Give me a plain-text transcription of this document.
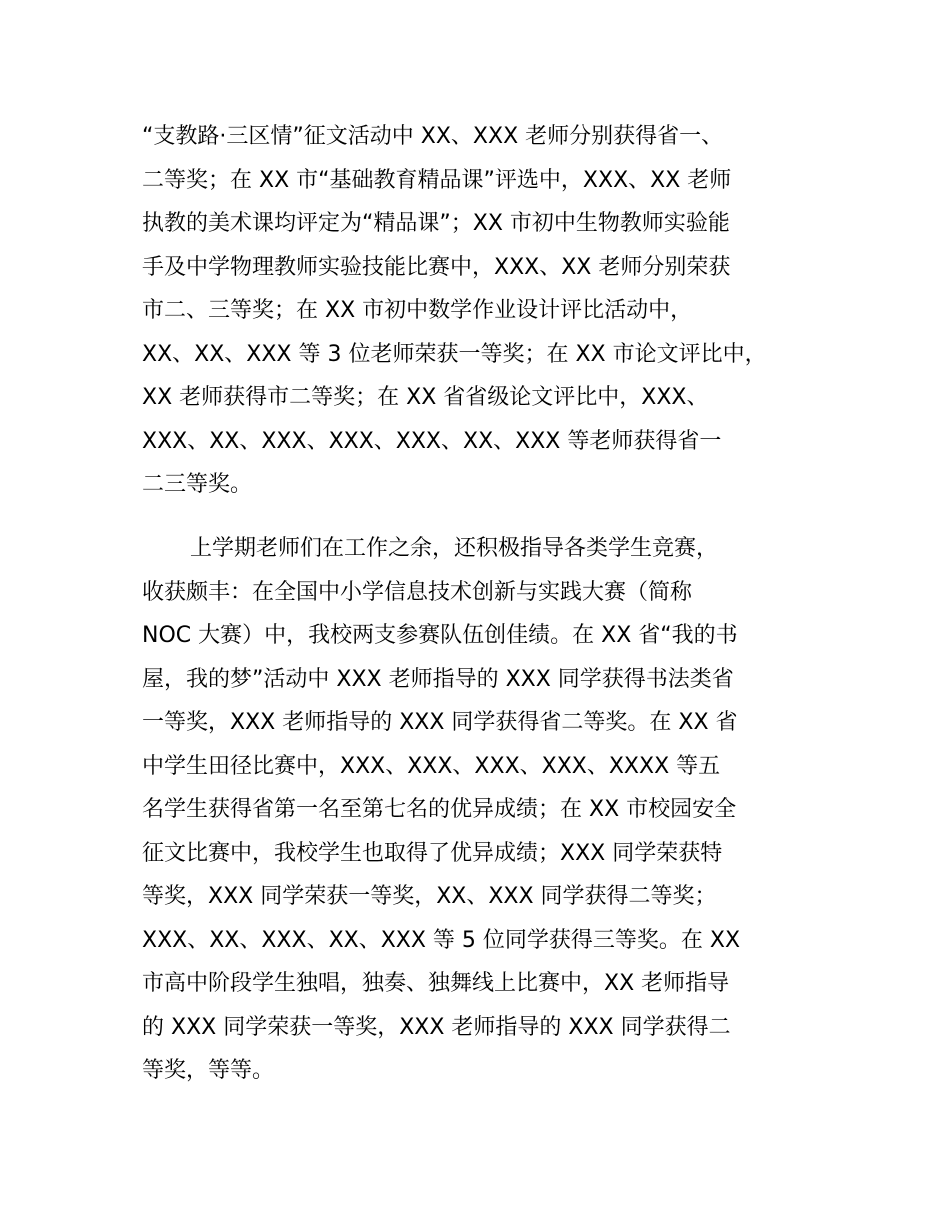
“支教路·三区情”征文活动中 XX、XXX 老师分别获得省一、

二等奖；在 XX 市“基础教育精品课”评选中，XXX、XX 老师

执教的美术课均评定为“精品课”；XX 市初中生物教师实验能

手及中学物理教师实验技能比赛中，XXX、XX 老师分别荣获

市二、三等奖；在 XX 市初中数学作业设计评比活动中，

XX、XX、XXX 等 3 位老师荣获一等奖；在 XX 市论文评比中，

XX 老师获得市二等奖；在 XX 省省级论文评比中，XXX、

XXX、XX、XXX、XXX、XXX、XX、XXX 等老师获得省一

二三等奖。

上学期老师们在工作之余，还积极指导各类学生竞赛，

收获颇丰：在全国中小学信息技术创新与实践大赛（简称

NOC 大赛）中，我校两支参赛队伍创佳绩。在 XX 省“我的书

屋，我的梦”活动中 XXX 老师指导的 XXX 同学获得书法类省

一等奖，XXX 老师指导的 XXX 同学获得省二等奖。在 XX 省

中学生田径比赛中，XXX、XXX、XXX、XXX、XXXX 等五

名学生获得省第一名至第七名的优异成绩；在 XX 市校园安全

征文比赛中，我校学生也取得了优异成绩；XXX 同学荣获特

等奖，XXX 同学荣获一等奖，XX、XXX 同学获得二等奖；

XXX、XX、XXX、XX、XXX 等 5 位同学获得三等奖。在 XX

市高中阶段学生独唱，独奏、独舞线上比赛中，XX 老师指导

的 XXX 同学荣获一等奖，XXX 老师指导的 XXX 同学获得二

等奖，等等。
